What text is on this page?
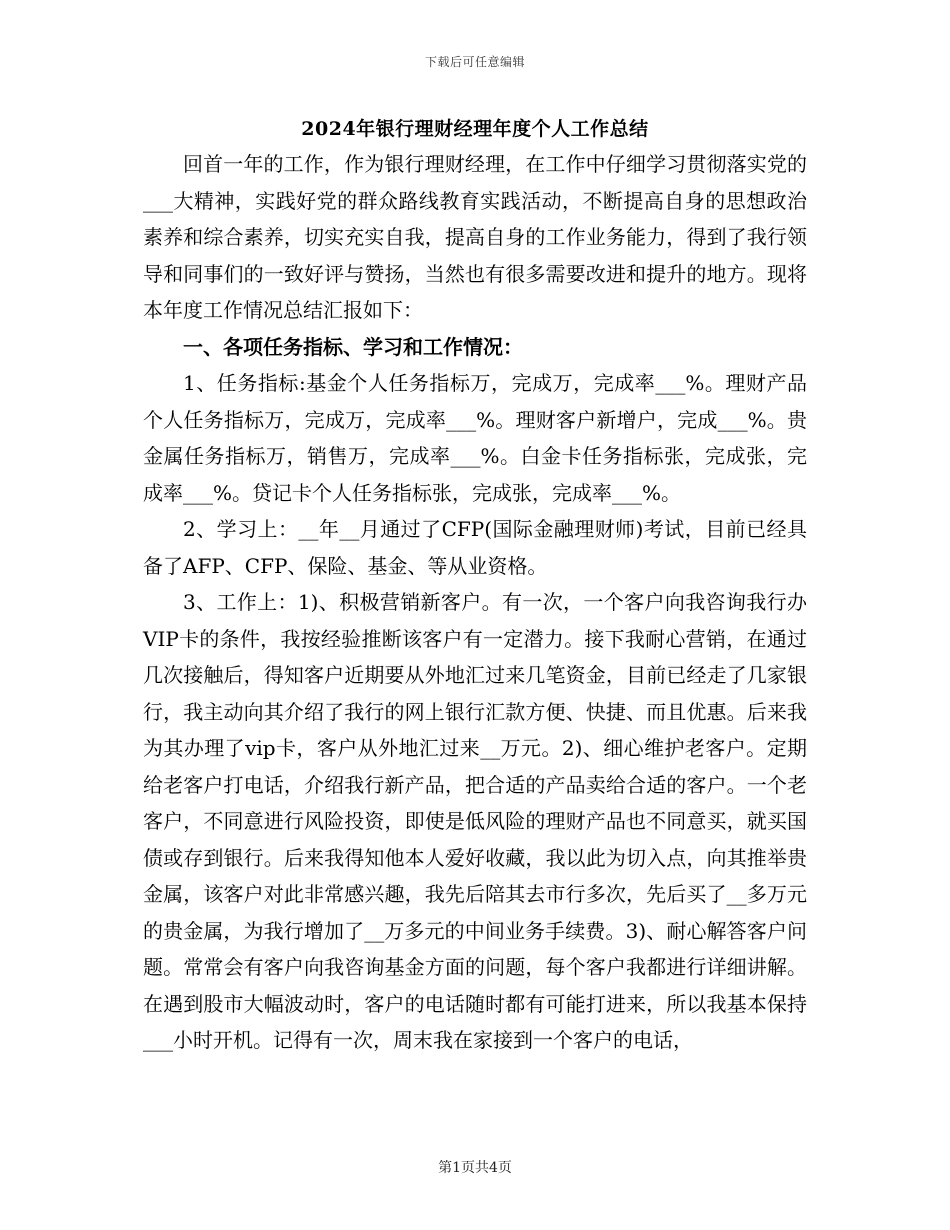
下载后可任意编辑
2024年银行理财经理年度个人工作总结

回首一年的工作，作为银行理财经理，在工作中仔细学习贯彻落实党的___大精神，实践好党的群众路线教育实践活动，不断提高自身的思想政治素养和综合素养，切实充实自我，提高自身的工作业务能力，得到了我行领导和同事们的一致好评与赞扬，当然也有很多需要改进和提升的地方。现将本年度工作情况总结汇报如下：

一、各项任务指标、学习和工作情况：

1、任务指标:基金个人任务指标万，完成万，完成率___%。理财产品个人任务指标万，完成万，完成率___%。理财客户新增户，完成___%。贵金属任务指标万，销售万，完成率___%。白金卡任务指标张，完成张，完成率___%。贷记卡个人任务指标张，完成张，完成率___%。

2、学习上：__年__月通过了CFP(国际金融理财师)考试，目前已经具备了AFP、CFP、保险、基金、等从业资格。

3、工作上：1)、积极营销新客户。有一次，一个客户向我咨询我行办VIP卡的条件，我按经验推断该客户有一定潜力。接下我耐心营销，在通过几次接触后，得知客户近期要从外地汇过来几笔资金，目前已经走了几家银行，我主动向其介绍了我行的网上银行汇款方便、快捷、而且优惠。后来我为其办理了vip卡，客户从外地汇过来__万元。2)、细心维护老客户。定期给老客户打电话，介绍我行新产品，把合适的产品卖给合适的客户。一个老客户，不同意进行风险投资，即使是低风险的理财产品也不同意买，就买国债或存到银行。后来我得知他本人爱好收藏，我以此为切入点，向其推举贵金属，该客户对此非常感兴趣，我先后陪其去市行多次，先后买了__多万元的贵金属，为我行增加了__万多元的中间业务手续费。3)、耐心解答客户问题。常常会有客户向我咨询基金方面的问题，每个客户我都进行详细讲解。在遇到股市大幅波动时，客户的电话随时都有可能打进来，所以我基本保持___小时开机。记得有一次，周末我在家接到一个客户的电话，

第1页共4页
